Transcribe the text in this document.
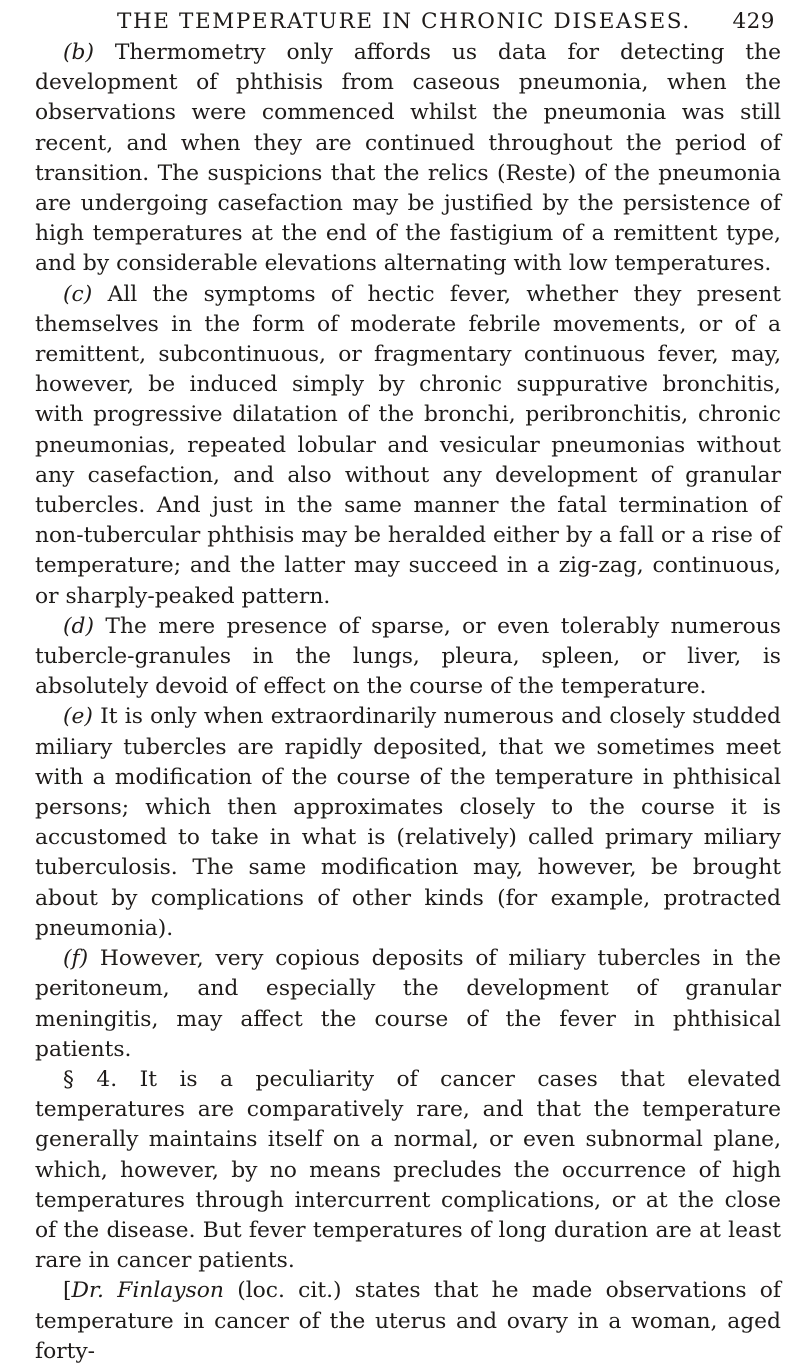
THE TEMPERATURE IN CHRONIC DISEASES. 429

(b) Thermometry only affords us data for detecting the development of phthisis from caseous pneumonia, when the observations were commenced whilst the pneumonia was still recent, and when they are continued throughout the period of transition. The suspicions that the relics (Reste) of the pneumonia are undergoing casefaction may be justified by the persistence of high temperatures at the end of the fastigium of a remittent type, and by considerable elevations alternating with low temperatures.

(c) All the symptoms of hectic fever, whether they present themselves in the form of moderate febrile movements, or of a remittent, subcontinuous, or fragmentary continuous fever, may, however, be induced simply by chronic suppurative bronchitis, with progressive dilatation of the bronchi, peribronchitis, chronic pneumonias, repeated lobular and vesicular pneumonias without any casefaction, and also without any development of granular tubercles. And just in the same manner the fatal termination of non-tubercular phthisis may be heralded either by a fall or a rise of temperature; and the latter may succeed in a zig-zag, continuous, or sharply-peaked pattern.

(d) The mere presence of sparse, or even tolerably numerous tubercle-granules in the lungs, pleura, spleen, or liver, is absolutely devoid of effect on the course of the temperature.

(e) It is only when extraordinarily numerous and closely studded miliary tubercles are rapidly deposited, that we sometimes meet with a modification of the course of the temperature in phthisical persons; which then approximates closely to the course it is accustomed to take in what is (relatively) called primary miliary tuberculosis. The same modification may, however, be brought about by complications of other kinds (for example, protracted pneumonia).

(f) However, very copious deposits of miliary tubercles in the peritoneum, and especially the development of granular meningitis, may affect the course of the fever in phthisical patients.

§ 4. It is a peculiarity of cancer cases that elevated temperatures are comparatively rare, and that the temperature generally maintains itself on a normal, or even subnormal plane, which, however, by no means precludes the occurrence of high temperatures through intercurrent complications, or at the close of the disease. But fever temperatures of long duration are at least rare in cancer patients.

[Dr. Finlayson (loc. cit.) states that he made observations of temperature in cancer of the uterus and ovary in a woman, aged forty-
